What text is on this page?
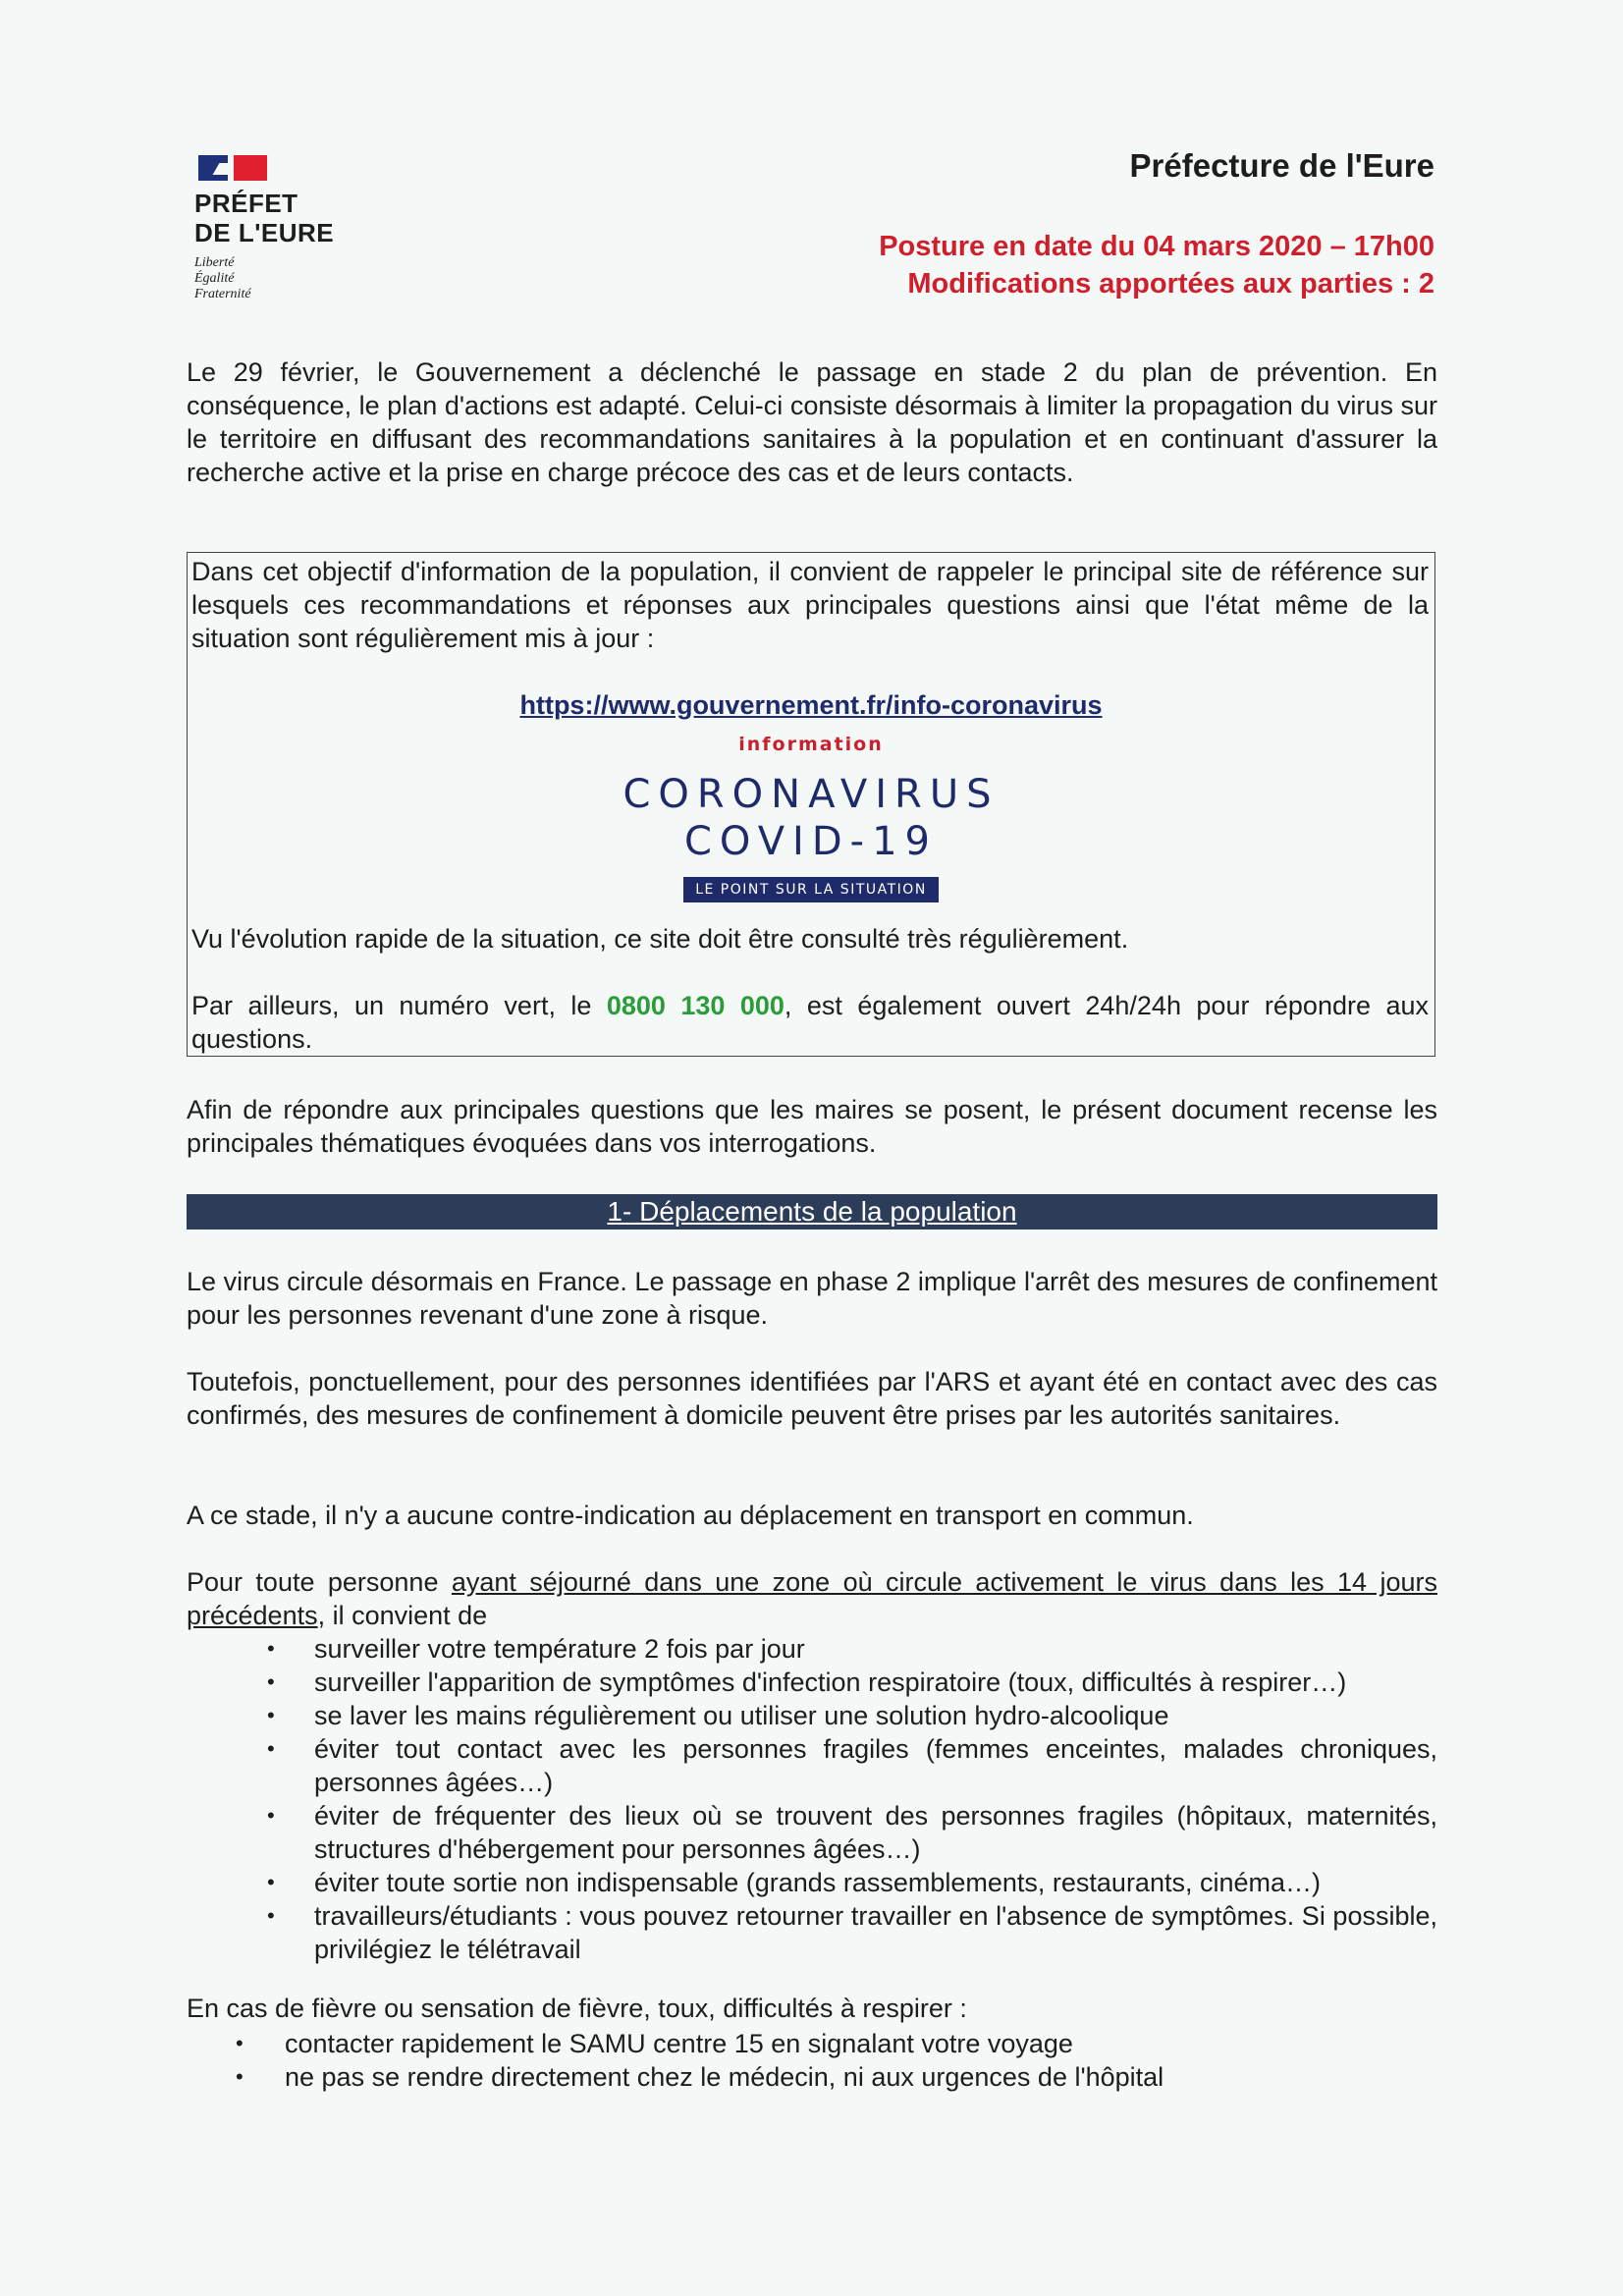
PRÉFET
DE L'EURE
Liberté
Égalité
Fraternité
Préfecture de l'Eure
Posture en date du 04 mars 2020 – 17h00
Modifications apportées aux parties : 2
Le 29 février, le Gouvernement a déclenché le passage en stade 2 du plan de prévention. En conséquence, le plan d'actions est adapté. Celui-ci consiste désormais à limiter la propagation du virus sur le territoire en diffusant des recommandations sanitaires à la population et en continuant d'assurer la recherche active et la prise en charge précoce des cas et de leurs contacts.
Dans cet objectif d'information de la population, il convient de rappeler le principal site de référence sur lesquels ces recommandations et réponses aux principales questions ainsi que l'état même de la situation sont régulièrement mis à jour :
https://www.gouvernement.fr/info-coronavirus
information
CORONAVIRUS
COVID-19
LE POINT SUR LA SITUATION
Vu l'évolution rapide de la situation, ce site doit être consulté très régulièrement.
Par ailleurs, un numéro vert, le 0800 130 000, est également ouvert 24h/24h pour répondre aux questions.
Afin de répondre aux principales questions que les maires se posent, le présent document recense les principales thématiques évoquées dans vos interrogations.
1- Déplacements de la population
Le virus circule désormais en France. Le passage en phase 2 implique l'arrêt des mesures de confinement pour les personnes revenant d'une zone à risque.
Toutefois, ponctuellement, pour des personnes identifiées par l'ARS et ayant été en contact avec des cas confirmés, des mesures de confinement à domicile peuvent être prises par les autorités sanitaires.
A ce stade, il n'y a aucune contre-indication au déplacement en transport en commun.
Pour toute personne ayant séjourné dans une zone où circule activement le virus dans les 14 jours précédents, il convient de
• surveiller votre température 2 fois par jour
• surveiller l'apparition de symptômes d'infection respiratoire (toux, difficultés à respirer…)
• se laver les mains régulièrement ou utiliser une solution hydro-alcoolique
• éviter tout contact avec les personnes fragiles (femmes enceintes, malades chroniques, personnes âgées…)
• éviter de fréquenter des lieux où se trouvent des personnes fragiles (hôpitaux, maternités, structures d'hébergement pour personnes âgées…)
• éviter toute sortie non indispensable (grands rassemblements, restaurants, cinéma…)
• travailleurs/étudiants : vous pouvez retourner travailler en l'absence de symptômes. Si possible, privilégiez le télétravail
En cas de fièvre ou sensation de fièvre, toux, difficultés à respirer :
• contacter rapidement le SAMU centre 15 en signalant votre voyage
• ne pas se rendre directement chez le médecin, ni aux urgences de l'hôpital
